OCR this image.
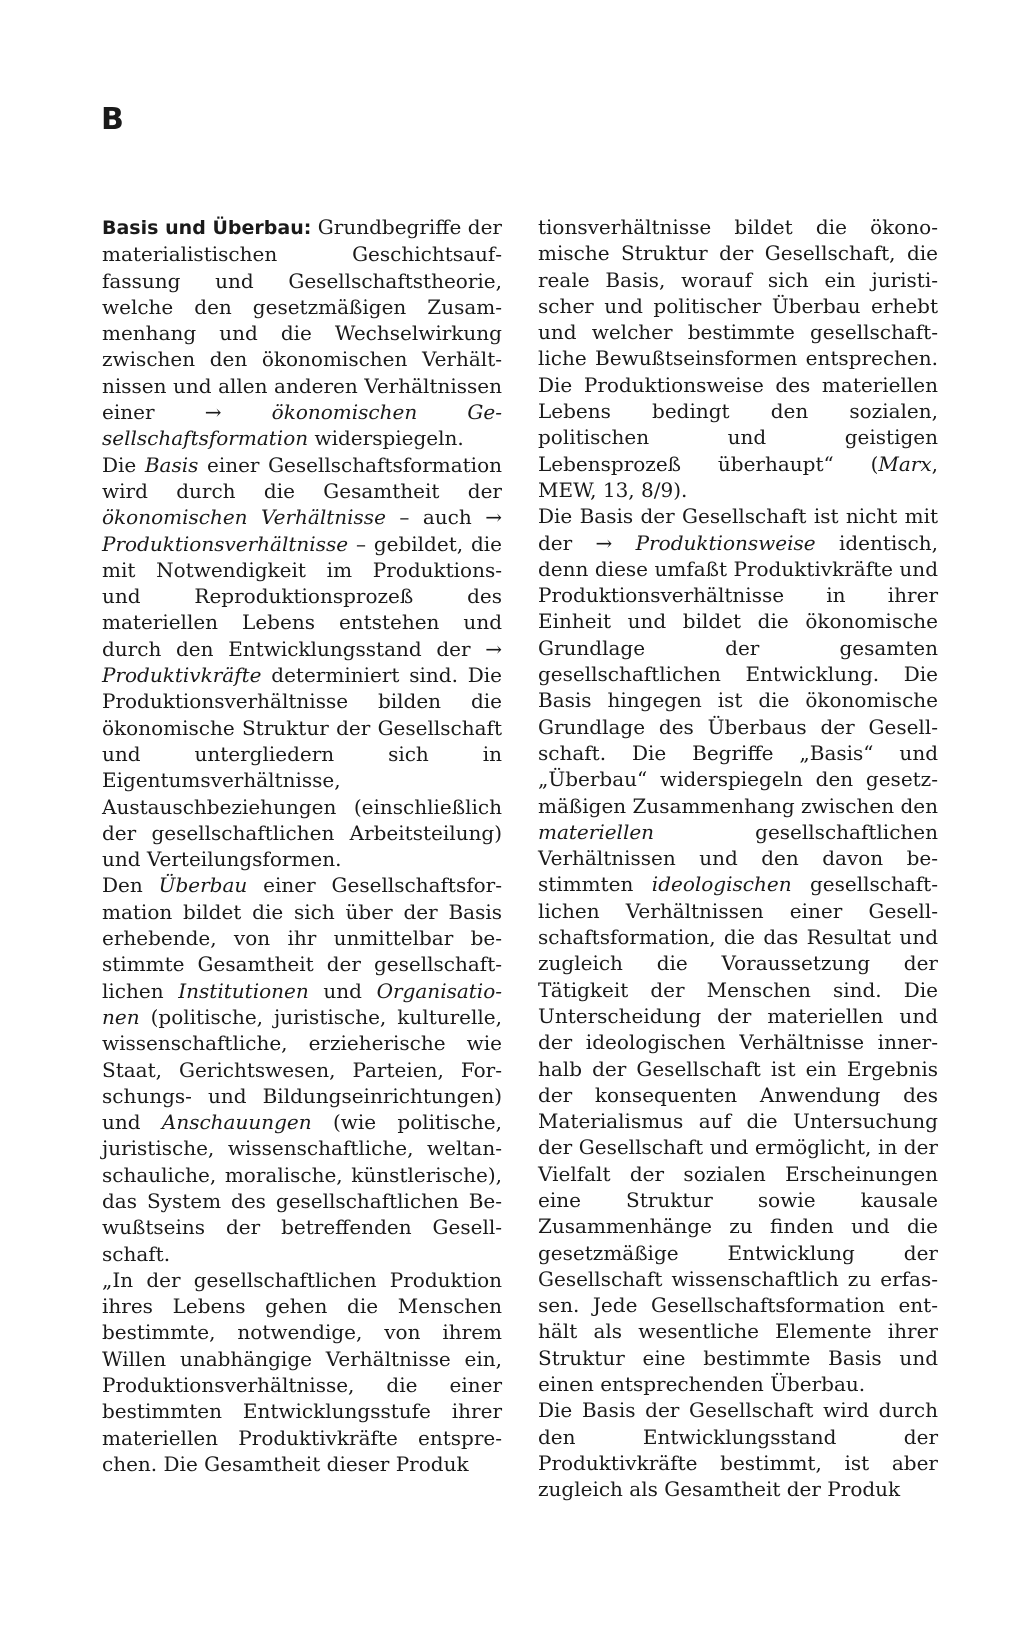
B

Basis und Überbau: Grundbegriffe der materialistischen Geschichtsauffassung und Gesellschaftstheorie, welche den gesetzmäßigen Zusammenhang und die Wechselwirkung zwischen den ökonomischen Verhältnissen und allen anderen Verhältnissen einer → ökonomischen Gesellschaftsformation widerspiegeln.

Die Basis einer Gesellschaftsformation wird durch die Gesamtheit der ökonomischen Verhältnisse – auch → Produktionsverhältnisse – gebildet, die mit Notwendigkeit im Produktions- und Reproduktionsprozeß des materiellen Lebens entstehen und durch den Entwicklungsstand der → Produktivkräfte determiniert sind. Die Produktionsverhältnisse bilden die ökonomische Struktur der Gesellschaft und untergliedern sich in Eigentumsverhältnisse, Austauschbeziehungen (einschließlich der gesellschaftlichen Arbeitsteilung) und Verteilungsformen.

Den Überbau einer Gesellschaftsformation bildet die sich über der Basis erhebende, von ihr unmittelbar bestimmte Gesamtheit der gesellschaftlichen Institutionen und Organisationen (politische, juristische, kulturelle, wissenschaftliche, erzieherische wie Staat, Gerichtswesen, Parteien, Forschungs- und Bildungseinrichtungen) und Anschauungen (wie politische, juristische, wissenschaftliche, weltanschauliche, moralische, künstlerische), das System des gesellschaftlichen Bewußtseins der betreffenden Gesellschaft.

„In der gesellschaftlichen Produktion ihres Lebens gehen die Menschen bestimmte, notwendige, von ihrem Willen unabhängige Verhältnisse ein, Produktionsverhältnisse, die einer bestimmten Entwicklungsstufe ihrer materiellen Produktivkräfte entsprechen. Die Gesamtheit dieser Produk

tionsverhältnisse bildet die ökonomische Struktur der Gesellschaft, die reale Basis, worauf sich ein juristischer und politischer Überbau erhebt und welcher bestimmte gesellschaftliche Bewußtseinsformen entsprechen. Die Produktionsweise des materiellen Lebens bedingt den sozialen, politischen und geistigen Lebensprozeß überhaupt“ (Marx, MEW, 13, 8/9).

Die Basis der Gesellschaft ist nicht mit der → Produktionsweise identisch, denn diese umfaßt Produktivkräfte und Produktionsverhältnisse in ihrer Einheit und bildet die ökonomische Grundlage der gesamten gesellschaftlichen Entwicklung. Die Basis hingegen ist die ökonomische Grundlage des Überbaus der Gesellschaft. Die Begriffe „Basis“ und „Überbau“ widerspiegeln den gesetzmäßigen Zusammenhang zwischen den materiellen gesellschaftlichen Verhältnissen und den davon bestimmten ideologischen gesellschaftlichen Verhältnissen einer Gesellschaftsformation, die das Resultat und zugleich die Voraussetzung der Tätigkeit der Menschen sind. Die Unterscheidung der materiellen und der ideologischen Verhältnisse innerhalb der Gesellschaft ist ein Ergebnis der konsequenten Anwendung des Materialismus auf die Untersuchung der Gesellschaft und ermöglicht, in der Vielfalt der sozialen Erscheinungen eine Struktur sowie kausale Zusammenhänge zu finden und die gesetzmäßige Entwicklung der Gesellschaft wissenschaftlich zu erfassen. Jede Gesellschaftsformation enthält als wesentliche Elemente ihrer Struktur eine bestimmte Basis und einen entsprechenden Überbau.

Die Basis der Gesellschaft wird durch den Entwicklungsstand der Produktivkräfte bestimmt, ist aber zugleich als Gesamtheit der Produk
